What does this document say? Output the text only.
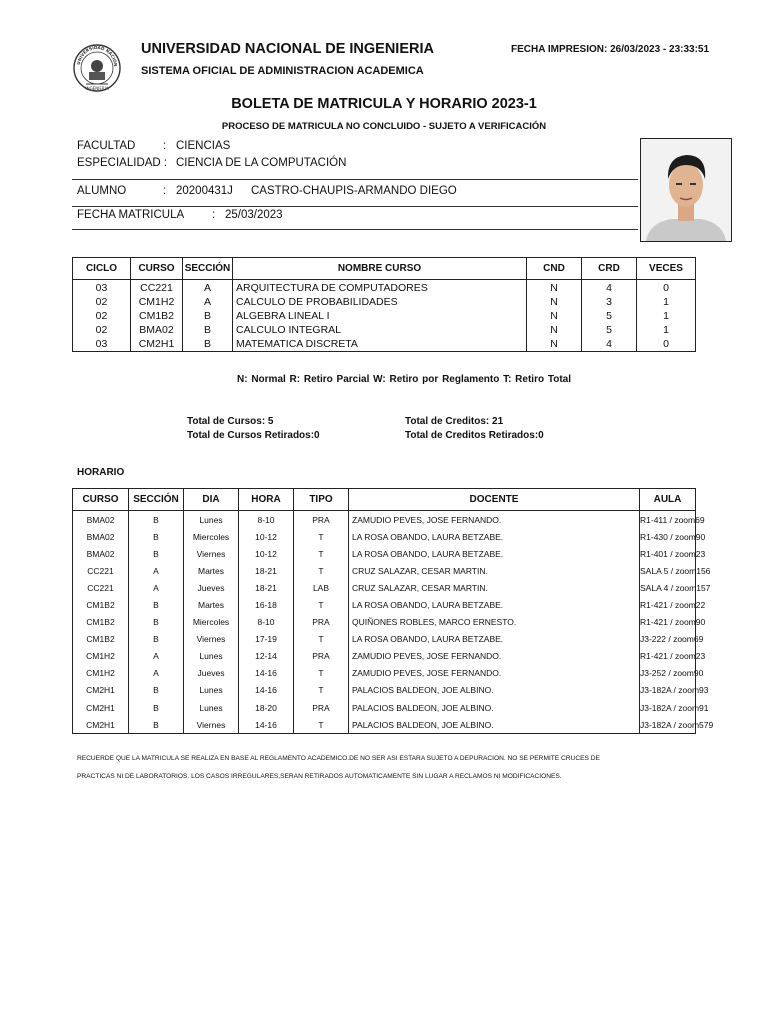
UNIVERSIDAD NACION
INGENIERIA
UNIVERSIDAD NACIONAL DE INGENIERIA
SISTEMA OFICIAL DE ADMINISTRACION ACADEMICA
FECHA IMPRESION: 26/03/2023 - 23:33:51
BOLETA DE MATRICULA Y HORARIO 2023-1
PROCESO DE MATRICULA NO CONCLUIDO - SUJETO A VERIFICACIÓN
FACULTAD : CIENCIAS
ESPECIALIDAD : CIENCIA DE LA COMPUTACIÓN
ALUMNO	: 20200431J CASTRO-CHAUPIS-ARMANDO DIEGO
FECHA MATRICULA : 25/03/2023
CICLO	CURSO	SECCIÓN	NOMBRE CURSO	CND	CRD	VECES
03	CC221	A	ARQUITECTURA DE COMPUTADORES	N	4	0
02	CM1H2	A	CALCULO DE PROBABILIDADES	N	3	1
02	CM1B2	B	ALGEBRA LINEAL I	N	5	1
02	BMA02	B	CALCULO INTEGRAL	N	5	1
03	CM2H1	B	MATEMATICA DISCRETA	N	4	0
N: Normal R: Retiro Parcial W: Retiro por Reglamento T: Retiro Total
Total de Cursos: 5
Total de Cursos Retirados:0
Total de Creditos: 21
Total de Creditos Retirados:0
HORARIO
CURSO	SECCIÓN	DIA	HORA	TIPO	DOCENTE	AULA
BMA02	B	Lunes	8-10	PRA	ZAMUDIO PEVES, JOSE FERNANDO.	R1-411 / zoom69
BMA02	B	Miercoles	10-12	T	LA ROSA OBANDO, LAURA BETZABE.	R1-430 / zoom90
BMA02	B	Viernes	10-12	T	LA ROSA OBANDO, LAURA BETZABE.	R1-401 / zoom23
CC221	A	Martes	18-21	T	CRUZ SALAZAR, CESAR MARTIN.	SALA 5 / zoom156
CC221	A	Jueves	18-21	LAB	CRUZ SALAZAR, CESAR MARTIN.	SALA 4 / zoom157
CM1B2	B	Martes	16-18	T	LA ROSA OBANDO, LAURA BETZABE.	R1-421 / zoom22
CM1B2	B	Miercoles	8-10	PRA	QUIÑONES ROBLES, MARCO ERNESTO.	R1-421 / zoom90
CM1B2	B	Viernes	17-19	T	LA ROSA OBANDO, LAURA BETZABE.	J3-222 / zoom69
CM1H2	A	Lunes	12-14	PRA	ZAMUDIO PEVES, JOSE FERNANDO.	R1-421 / zoom23
CM1H2	A	Jueves	14-16	T	ZAMUDIO PEVES, JOSE FERNANDO.	J3-252 / zoom90
CM2H1	B	Lunes	14-16	T	PALACIOS BALDEON, JOE ALBINO.	J3-182A / zoom93
CM2H1	B	Lunes	18-20	PRA	PALACIOS BALDEON, JOE ALBINO.	J3-182A / zoom91
CM2H1	B	Viernes	14-16	T	PALACIOS BALDEON, JOE ALBINO.	J3-182A / zoom579
RECUERDE QUE LA MATRICULA SE REALIZA EN BASE AL REGLAMENTO ACADEMICO.DE NO SER ASI ESTARA SUJETO A DEPURACION. NO SE PERMITE CRUCES DE
PRACTICAS NI DE LABORATORIOS. LOS CASOS IRREGULARES,SERAN RETIRADOS AUTOMATICAMENTE SIN LUGAR A RECLAMOS NI MODIFICACIONES.
